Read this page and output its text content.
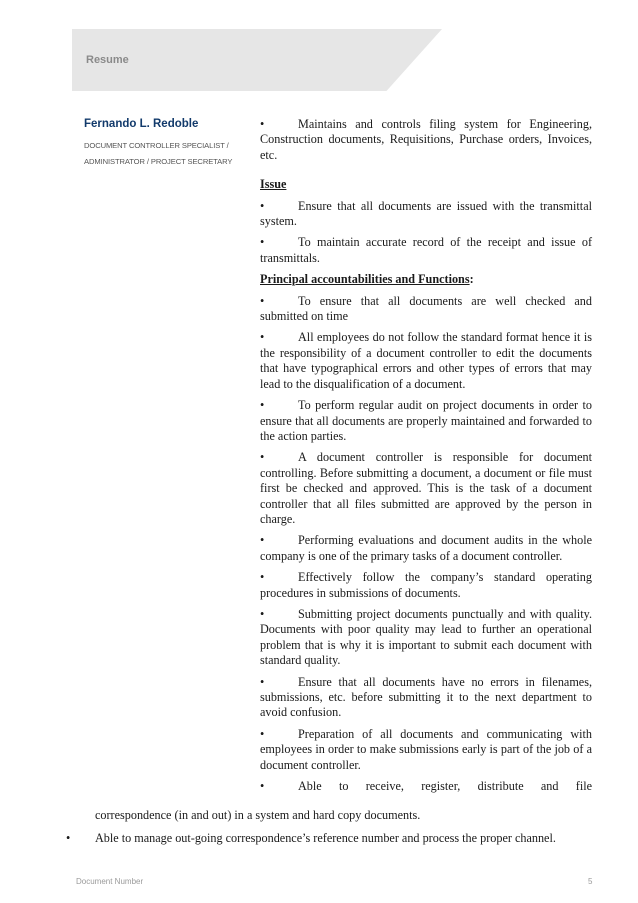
Resume

Fernando L. Redoble

DOCUMENT CONTROLLER SPECIALIST /
ADMINISTRATOR / PROJECT SECRETARY

•	Maintains and controls filing system for Engineering, Construction documents, Requisitions, Purchase orders, Invoices, etc.

Issue

•	Ensure that all documents are issued with the transmittal system.

•	To maintain accurate record of the receipt and issue of transmittals.

Principal accountabilities and Functions:

•	To ensure that all documents are well checked and submitted on time

•	All employees do not follow the standard format hence it is the responsibility of a document controller to edit the documents that have typographical errors and other types of errors that may lead to the disqualification of a document.

•	To perform regular audit on project documents in order to ensure that all documents are properly maintained and forwarded to the action parties.

•	A document controller is responsible for document controlling. Before submitting a document, a document or file must first be checked and approved. This is the task of a document controller that all files submitted are approved by the person in charge.

•	Performing evaluations and document audits in the whole company is one of the primary tasks of a document controller.

•	Effectively follow the company’s standard operating procedures in submissions of documents.

•	Submitting project documents punctually and with quality. Documents with poor quality may lead to further an operational problem that is why it is important to submit each document with standard quality.

•	Ensure that all documents have no errors in filenames, submissions, etc. before submitting it to the next department to avoid confusion.

•	Preparation of all documents and communicating with employees in order to make submissions early is part of the job of a document controller.

•	Able to receive, register, distribute and file

correspondence (in and out) in a system and hard copy documents.
• Able to manage out-going correspondence’s reference number and process the proper channel.
Document Number	5
